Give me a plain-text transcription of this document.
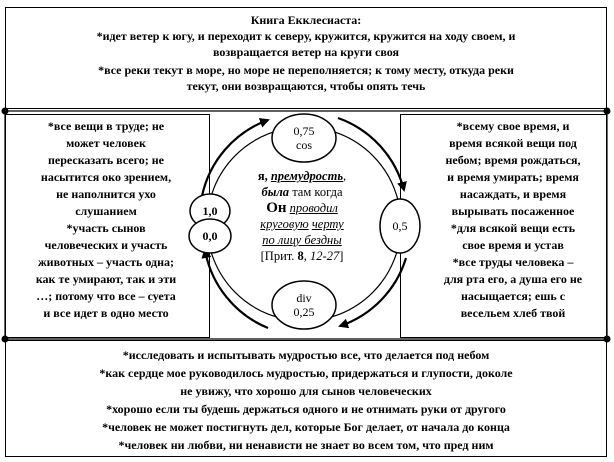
Книга Екклесиаста:
*идет ветер к югу, и переходит к северу, кружится, кружится на ходу своем, и
возвращается ветер на круги своя
*все реки текут в море, но море не переполняется; к тому месту, откуда реки
текут, они возвращаются, чтобы опять течь
*все вещи в труде; не
может человек
пересказать всего; не
насытится око зрением,
не наполнится ухо
слушанием
*участь сынов
человеческих и участь
животных – участь одна;
как те умирают, так и эти
…; потому что все – суета
и все идет в одно место
*всему свое время, и
время всякой вещи под
небом; время рождаться,
и время умирать; время
насаждать, и время
вырывать посаженное
*для всякой вещи есть
свое время и устав
*все труды человека –
для рта его, а душа его не
насыщается; ешь с
весельем хлеб твой
*исследовать и испытывать мудростью все, что делается под небом
*как сердце мое руководилось мудростью, придержаться и глупости, доколе
не увижу, что хорошо для сынов человеческих
*хорошо если ты будешь держаться одного и не отнимать руки от другого
*человек не может постигнуть дел, которые Бог делает, от начала до конца
*человек ни любви, ни ненависти не знает во всем том, что пред ним
0,75
cos
div
0,25
0,5
1,0
0,0
я, премудрость,
была там когда
Он проводил
круговую черту
по лицу бездны
[Прит. 8, 12-27]
